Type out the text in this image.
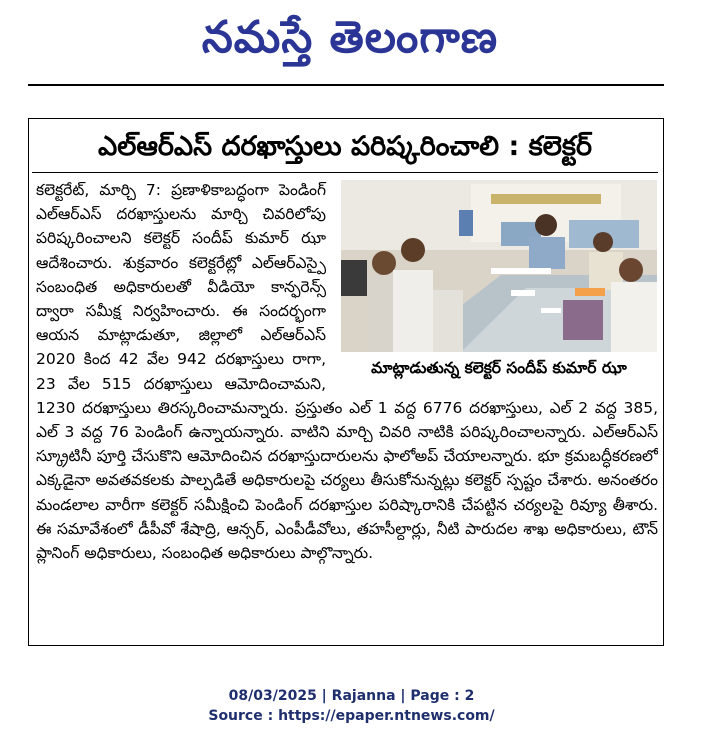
నమస్తే తెలంగాణ
ఎల్ఆర్ఎస్ దరఖాస్తులు పరిష్కరించాలి : కలెక్టర్

కలెక్టరేట్, మార్చి 7: ప్రణాళికాబద్ధంగా పెండింగ్ ఎల్ఆర్ఎస్ దరఖాస్తులను మార్చి చివరిలోపు పరిష్కరించాలని కలెక్టర్ సందీప్ కుమార్ ఝా ఆదేశించారు. శుక్రవారం కలెక్టరేట్లో ఎల్ఆర్ఎస్పై సంబంధిత అధికారులతో వీడియో కాన్ఫరెన్స్ ద్వారా సమీక్ష నిర్వహించారు. ఈ సందర్భంగా ఆయన మాట్లాడుతూ, జిల్లాలో ఎల్ఆర్ఎస్ 2020 కింద 42 వేల 942 దరఖాస్తులు రాగా, 23 వేల 515 దరఖాస్తులు ఆమోదించామని, 1230 దరఖాస్తులు తిరస్కరించామన్నారు. ప్రస్తుతం ఎల్ 1 వద్ద 6776 దరఖాస్తులు, ఎల్ 2 వద్ద 385, ఎల్ 3 వద్ద 76 పెండింగ్ ఉన్నాయన్నారు. వాటిని మార్చి చివరి నాటికి పరిష్కరించాలన్నారు. ఎల్ఆర్ఎస్ స్క్రూటినీ పూర్తి చేసుకొని ఆమోదించిన దరఖాస్తుదారులను ఫాలోఅప్ చేయాలన్నారు. భూ క్రమబద్ధీకరణలో ఎక్కడైనా అవతవకలకు పాల్పడితే అధికారులపై చర్యలు తీసుకోనున్నట్లు కలెక్టర్ స్పష్టం చేశారు. అనంతరం మండలాల వారీగా కలెక్టర్ సమీక్షించి పెండింగ్ దరఖాస్తుల పరిష్కారానికి చేపట్టిన చర్యలపై రివ్యూ తీశారు. ఈ సమావేశంలో డీపీవో శేషాద్రి, ఆన్సర్, ఎంపీడీవోలు, తహసీల్దార్లు, నీటి పారుదల శాఖ అధికారులు, టౌన్ ప్లానింగ్ అధికారులు, సంబంధిత అధికారులు పాల్గొన్నారు.

మాట్లాడుతున్న కలెక్టర్ సందీప్ కుమార్ ఝా
08/03/2025 | Rajanna | Page : 2
Source : https://epaper.ntnews.com/
